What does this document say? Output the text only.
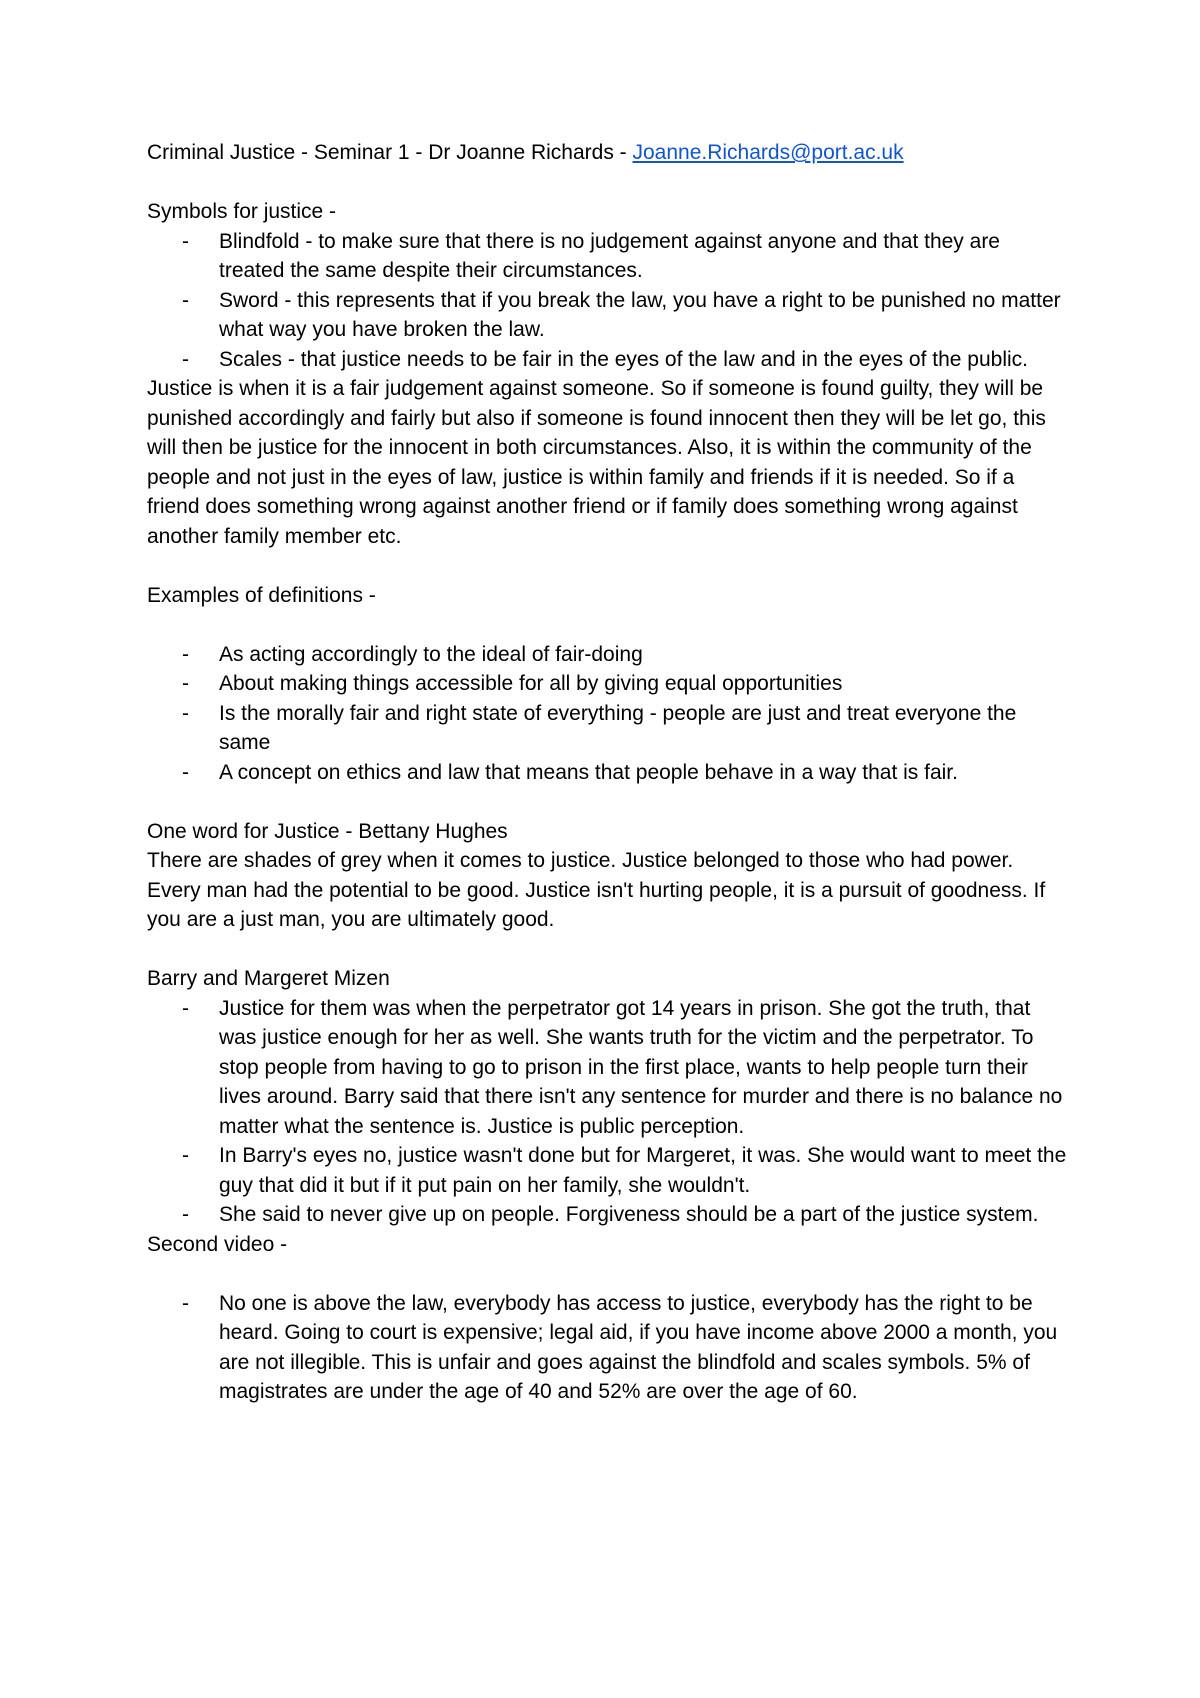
Criminal Justice - Seminar 1 - Dr Joanne Richards - Joanne.Richards@port.ac.uk

Symbols for justice -

- Blindfold - to make sure that there is no judgement against anyone and that they are treated the same despite their circumstances.
- Sword - this represents that if you break the law, you have a right to be punished no matter what way you have broken the law.
- Scales - that justice needs to be fair in the eyes of the law and in the eyes of the public.

Justice is when it is a fair judgement against someone. So if someone is found guilty, they will be punished accordingly and fairly but also if someone is found innocent then they will be let go, this will then be justice for the innocent in both circumstances. Also, it is within the community of the people and not just in the eyes of law, justice is within family and friends if it is needed. So if a friend does something wrong against another friend or if family does something wrong against another family member etc.

Examples of definitions -

- As acting accordingly to the ideal of fair-doing
- About making things accessible for all by giving equal opportunities
- Is the morally fair and right state of everything - people are just and treat everyone the same
- A concept on ethics and law that means that people behave in a way that is fair.

One word for Justice - Bettany Hughes

There are shades of grey when it comes to justice. Justice belonged to those who had power. Every man had the potential to be good. Justice isn't hurting people, it is a pursuit of goodness. If you are a just man, you are ultimately good.

Barry and Margeret Mizen

- Justice for them was when the perpetrator got 14 years in prison. She got the truth, that was justice enough for her as well. She wants truth for the victim and the perpetrator. To stop people from having to go to prison in the first place, wants to help people turn their lives around. Barry said that there isn't any sentence for murder and there is no balance no matter what the sentence is. Justice is public perception.
- In Barry's eyes no, justice wasn't done but for Margeret, it was. She would want to meet the guy that did it but if it put pain on her family, she wouldn't.
- She said to never give up on people. Forgiveness should be a part of the justice system.

Second video -

- No one is above the law, everybody has access to justice, everybody has the right to be heard. Going to court is expensive; legal aid, if you have income above 2000 a month, you are not illegible. This is unfair and goes against the blindfold and scales symbols. 5% of magistrates are under the age of 40 and 52% are over the age of 60.
